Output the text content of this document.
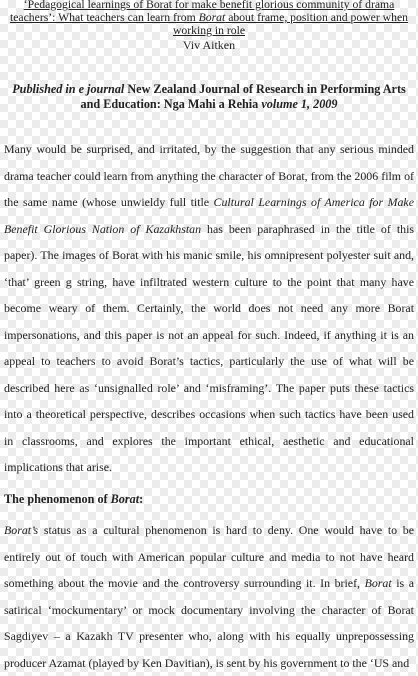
‘Pedagogical learnings of Borat for make benefit glorious community of drama
teachers’: What teachers can learn from Borat about frame, position and power when
working in role
Viv Aitken
Published in e journal New Zealand Journal of Research in Performing Arts and Education: Nga Mahi a Rehia volume 1, 2009
Many would be surprised, and irritated, by the suggestion that any serious minded drama teacher could learn from anything the character of Borat, from the 2006 film of the same name (whose unwieldy full title Cultural Learnings of America for Make Benefit Glorious Nation of Kazakhstan has been paraphrased in the title of this paper). The images of Borat with his manic smile, his omnipresent polyester suit and, ‘that’ green g string, have infiltrated western culture to the point that many have become weary of them. Certainly, the world does not need any more Borat impersonations, and this paper is not an appeal for such. Indeed, if anything it is an appeal to teachers to avoid Borat’s tactics, particularly the use of what will be described here as ‘unsignalled role’ and ‘misframing’. The paper puts these tactics into a theoretical perspective, describes occasions when such tactics have been used in classrooms, and explores the important ethical, aesthetic and educational implications that arise.
The phenomenon of Borat:
Borat’s status as a cultural phenomenon is hard to deny. One would have to be entirely out of touch with American popular culture and media to not have heard something about the movie and the controversy surrounding it. In brief, Borat is a satirical ‘mockumentary’ or mock documentary involving the character of Borat Sagdiyev – a Kazakh TV presenter who, along with his equally unprepossessing producer Azamat (played by Ken Davitian), is sent by his government to the ‘US and
